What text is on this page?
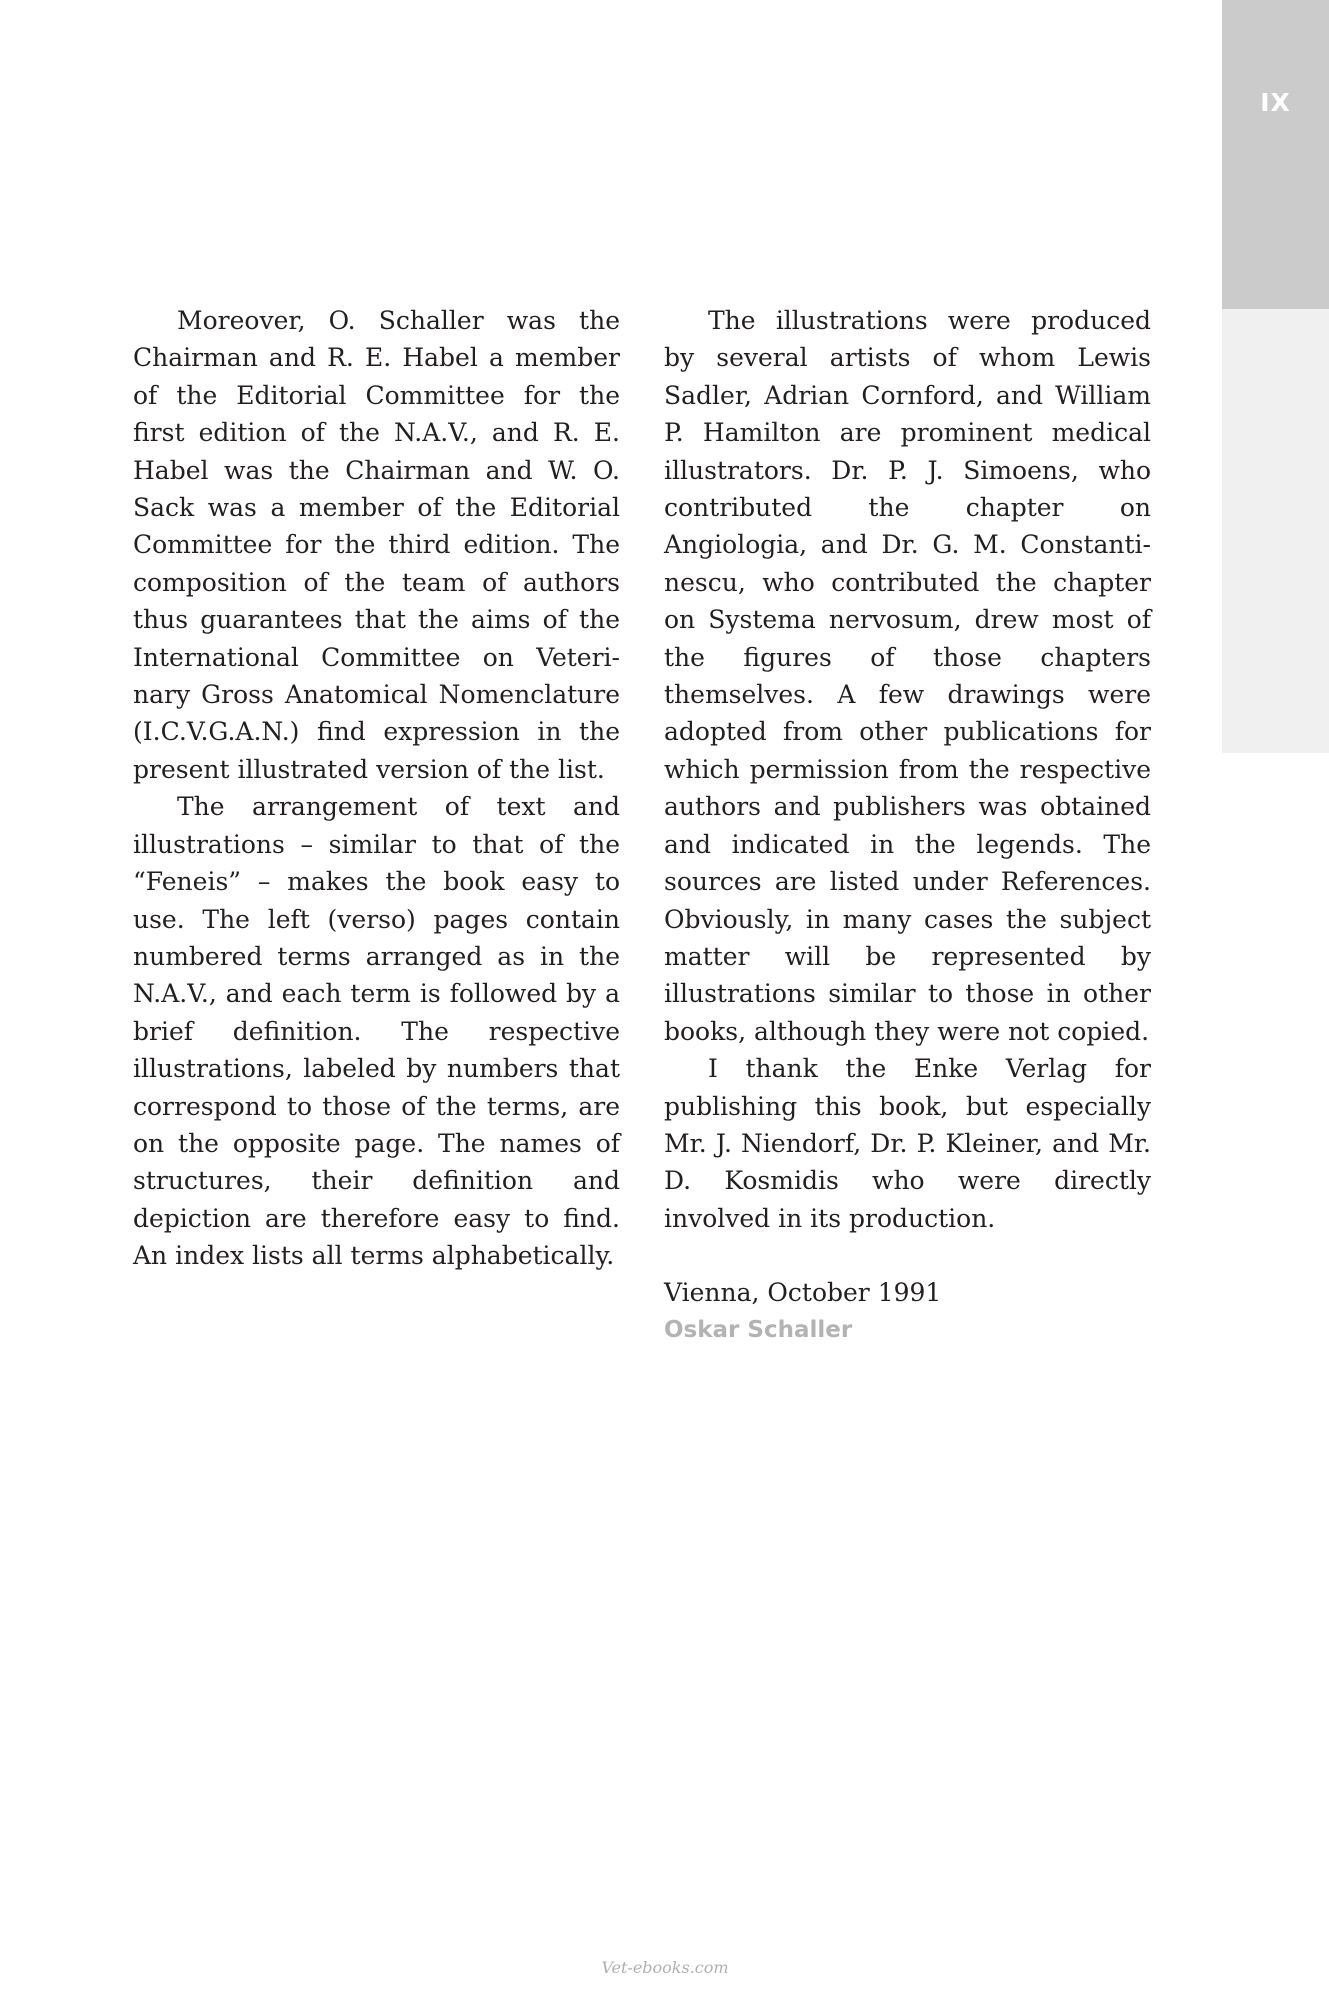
IX

Moreover, O. Schaller was the Chairman and R. E. Habel a member of the Editorial Committee for the first edition of the N.A.V., and R. E. Habel was the Chairman and W. O. Sack was a member of the Editorial Committee for the third edition. The composition of the team of authors thus guarantees that the aims of the International Committee on Veterinary Gross Anatomical Nomenclature (I.C.V.G.A.N.) find expression in the present illustrated version of the list.

The arrangement of text and illustrations – similar to that of the “Feneis” – makes the book easy to use. The left (verso) pages contain numbered terms arranged as in the N.A.V., and each term is followed by a brief definition. The respective illustrations, labeled by numbers that correspond to those of the terms, are on the opposite page. The names of structures, their definition and depiction are therefore easy to find. An index lists all terms alphabetically.

The illustrations were produced by several artists of whom Lewis Sadler, Adrian Cornford, and William P. Hamilton are prominent medical illustrators. Dr. P. J. Simoens, who contributed the chapter on Angiologia, and Dr. G. M. Constantinescu, who contributed the chapter on Systema nervosum, drew most of the figures of those chapters themselves. A few drawings were adopted from other publications for which permission from the respective authors and publishers was obtained and indicated in the legends. The sources are listed under References. Obviously, in many cases the subject matter will be represented by illustrations similar to those in other books, although they were not copied.

I thank the Enke Verlag for publishing this book, but especially Mr. J. Niendorf, Dr. P. Kleiner, and Mr. D. Kosmidis who were directly involved in its production.

Vienna, October 1991
Oskar Schaller
Vet-ebooks.com
